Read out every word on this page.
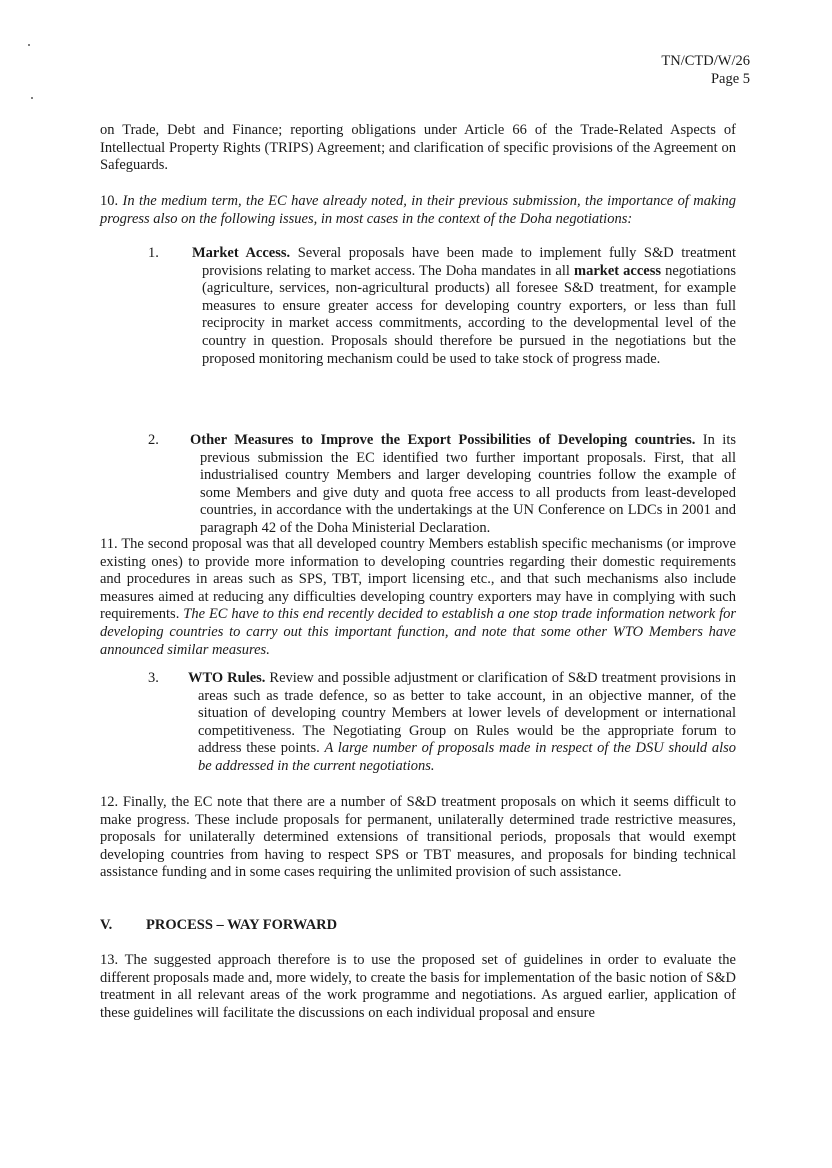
TN/CTD/W/26
Page 5

on Trade, Debt and Finance; reporting obligations under Article 66 of the Trade-Related Aspects of Intellectual Property Rights (TRIPS) Agreement; and clarification of specific provisions of the Agreement on Safeguards.

10. In the medium term, the EC have already noted, in their previous submission, the importance of making progress also on the following issues, in most cases in the context of the Doha negotiations:

1. Market Access. Several proposals have been made to implement fully S&D treatment provisions relating to market access. The Doha mandates in all market access negotiations (agriculture, services, non-agricultural products) all foresee S&D treatment, for example measures to ensure greater access for developing country exporters, or less than full reciprocity in market access commitments, according to the developmental level of the country in question. Proposals should therefore be pursued in the negotiations but the proposed monitoring mechanism could be used to take stock of progress made.
2. Other Measures to Improve the Export Possibilities of Developing countries. In its previous submission the EC identified two further important proposals. First, that all industrialised country Members and larger developing countries follow the example of some Members and give duty and quota free access to all products from least-developed countries, in accordance with the undertakings at the UN Conference on LDCs in 2001 and paragraph 42 of the Doha Ministerial Declaration.

11. The second proposal was that all developed country Members establish specific mechanisms (or improve existing ones) to provide more information to developing countries regarding their domestic requirements and procedures in areas such as SPS, TBT, import licensing etc., and that such mechanisms also include measures aimed at reducing any difficulties developing country exporters may have in complying with such requirements. The EC have to this end recently decided to establish a one stop trade information network for developing countries to carry out this important function, and note that some other WTO Members have announced similar measures.

3. WTO Rules. Review and possible adjustment or clarification of S&D treatment provisions in areas such as trade defence, so as better to take account, in an objective manner, of the situation of developing country Members at lower levels of development or international competitiveness. The Negotiating Group on Rules would be the appropriate forum to address these points. A large number of proposals made in respect of the DSU should also be addressed in the current negotiations.

12. Finally, the EC note that there are a number of S&D treatment proposals on which it seems difficult to make progress. These include proposals for permanent, unilaterally determined trade restrictive measures, proposals for unilaterally determined extensions of transitional periods, proposals that would exempt developing countries from having to respect SPS or TBT measures, and proposals for binding technical assistance funding and in some cases requiring the unlimited provision of such assistance.

V. PROCESS – WAY FORWARD

13. The suggested approach therefore is to use the proposed set of guidelines in order to evaluate the different proposals made and, more widely, to create the basis for implementation of the basic notion of S&D treatment in all relevant areas of the work programme and negotiations. As argued earlier, application of these guidelines will facilitate the discussions on each individual proposal and ensure
